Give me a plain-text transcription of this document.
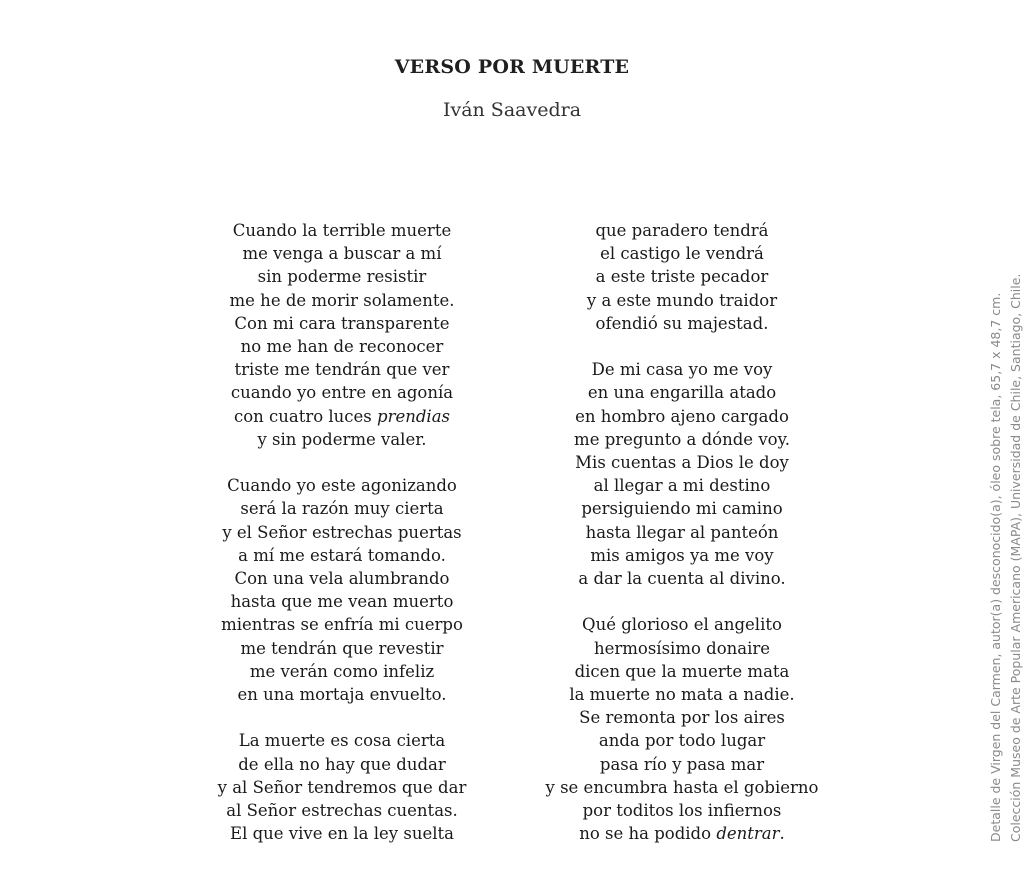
VERSO POR MUERTE
Iván Saavedra
Cuando la terrible muerte
me venga a buscar a mí
sin poderme resistir
me he de morir solamente.
Con mi cara transparente
no me han de reconocer
triste me tendrán que ver
cuando yo entre en agonía
con cuatro luces prendias
y sin poderme valer.
Cuando yo este agonizando
será la razón muy cierta
y el Señor estrechas puertas
a mí me estará tomando.
Con una vela alumbrando
hasta que me vean muerto
mientras se enfría mi cuerpo
me tendrán que revestir
me verán como infeliz
en una mortaja envuelto.
La muerte es cosa cierta
de ella no hay que dudar
y al Señor tendremos que dar
al Señor estrechas cuentas.
El que vive en la ley suelta
que paradero tendrá
el castigo le vendrá
a este triste pecador
y a este mundo traidor
ofendió su majestad.
De mi casa yo me voy
en una engarilla atado
en hombro ajeno cargado
me pregunto a dónde voy.
Mis cuentas a Dios le doy
al llegar a mi destino
persiguiendo mi camino
hasta llegar al panteón
mis amigos ya me voy
a dar la cuenta al divino.
Qué glorioso el angelito
hermosísimo donaire
dicen que la muerte mata
la muerte no mata a nadie.
Se remonta por los aires
anda por todo lugar
pasa río y pasa mar
y se encumbra hasta el gobierno
por toditos los infiernos
no se ha podido dentrar.	Detalle de Virgen del Carmen, autor(a) desconocido(a), óleo sobre tela, 65,7 x 48,7 cm. Colección Museo de Arte Popular Americano (MAPA), Universidad de Chile, Santiago, Chile.
